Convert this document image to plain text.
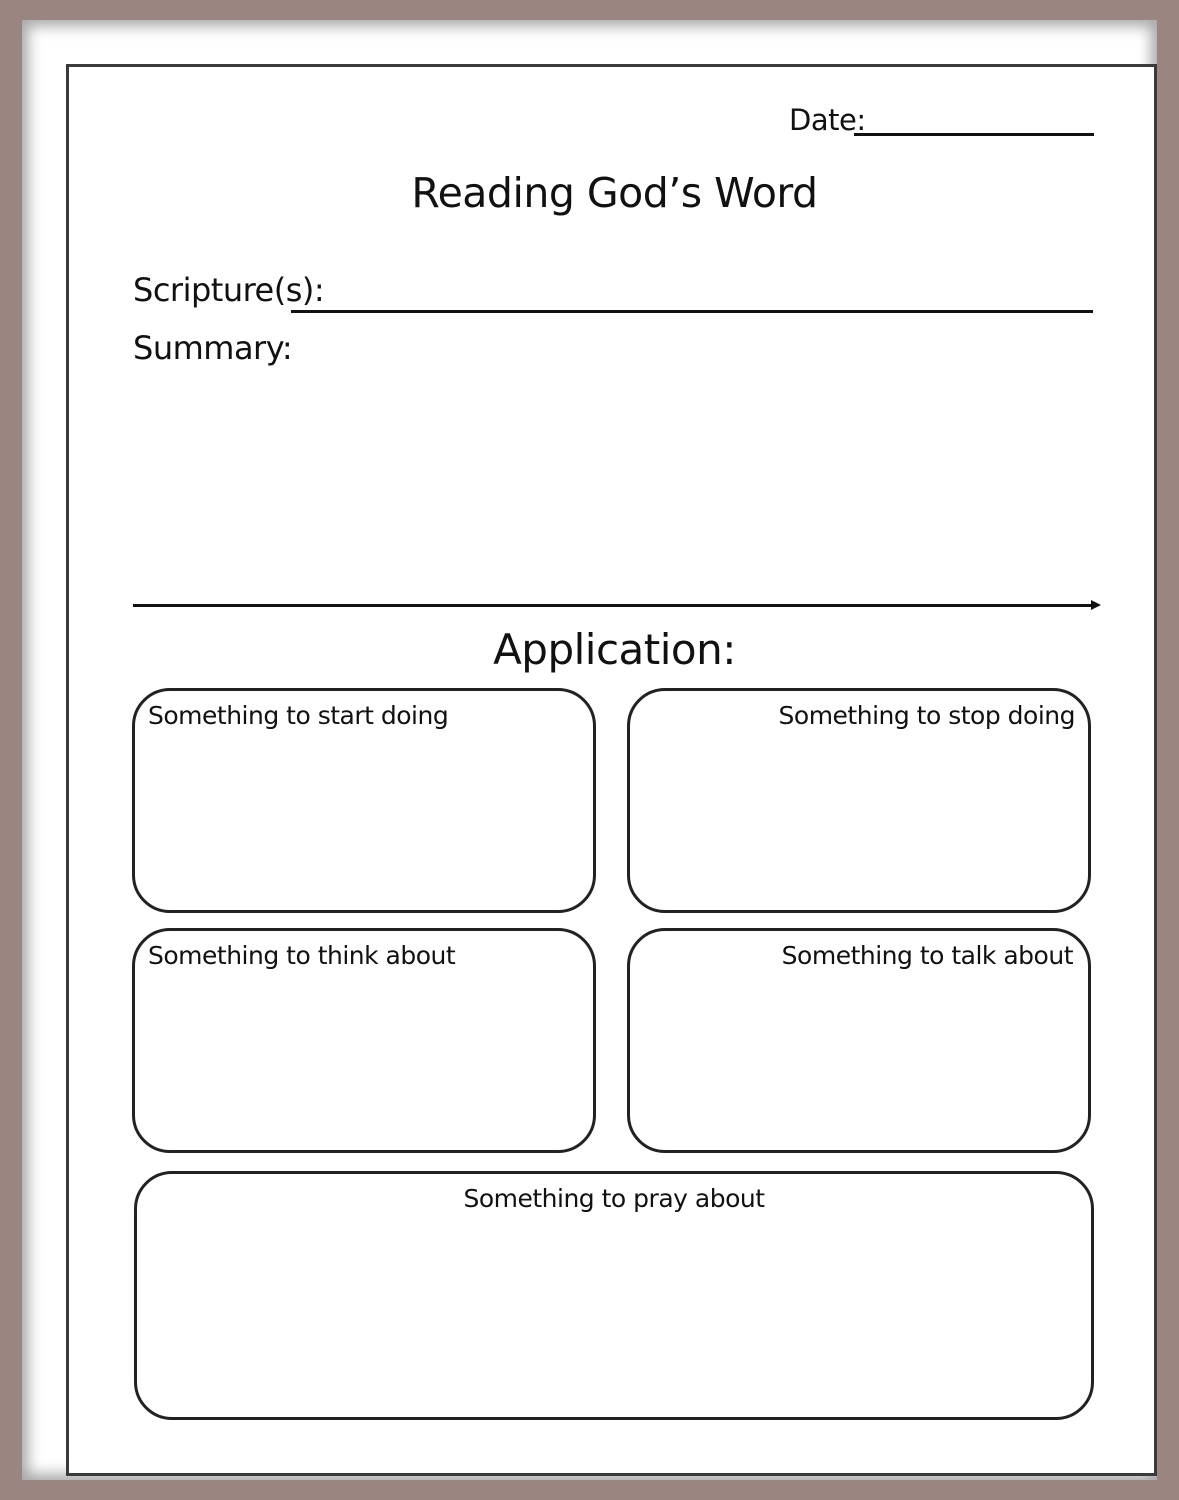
Date:
Reading God’s Word
Scripture(s):
Summary:
Application:
Something to start doing	Something to stop doing
Something to think about	Something to talk about
Something to pray about
